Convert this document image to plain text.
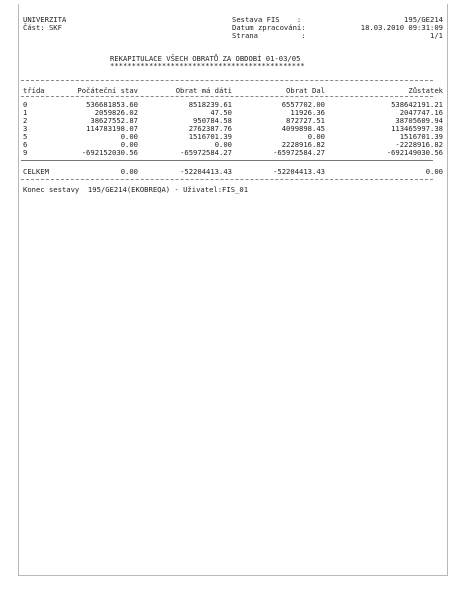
UNIVERZITA
Část: SKF
Sestava FIS    :	195/GE214
Datum zpracování:	18.03.2010 09:31:09
Strana          :	1/1
REKAPITULACE VŠECH OBRATŮ ZA OBDOBÍ 01-03/05
*********************************************
třída	Počáteční stav	Obrat má dáti	Obrat Dal	Zůstatek
0	536681853.60	8518239.61	6557702.00	538642191.21
1	2059826.02	47.50	11926.36	2047747.16
2	38627552.87	950784.58	872727.51	38705609.94
3	114783198.07	2762387.76	4099898.45	113465997.38
5	0.00	1516701.39	0.00	1516701.39
6	0.00	0.00	2228916.82	-2228916.82
9	-692152030.56	-65972584.27	-65972584.27	-692149030.56
CELKEM	0.00	-52204413.43	-52204413.43	0.00
Konec sestavy  195/GE214(EKOBREQA) - Uživatel:FIS_01
